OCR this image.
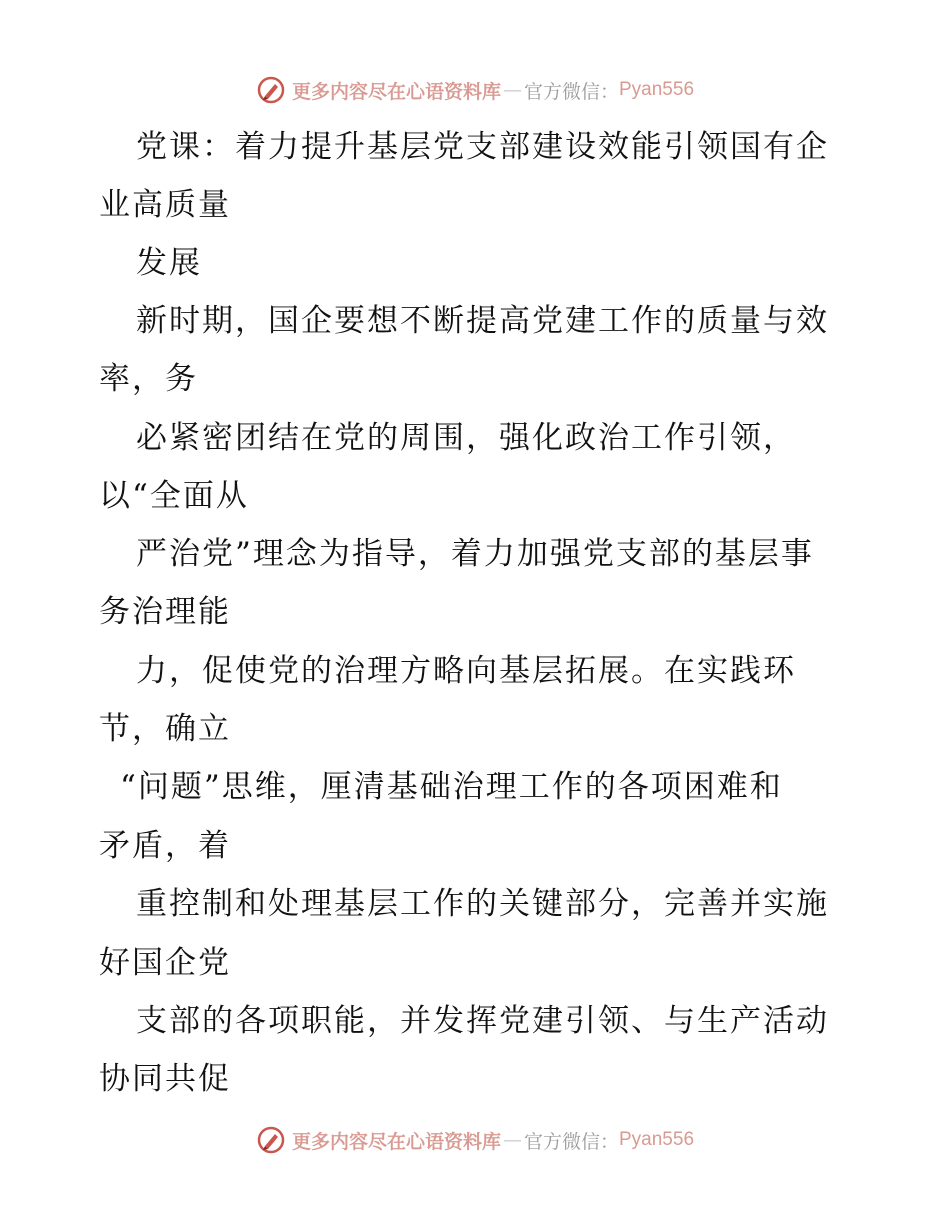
更多内容尽在心语资料库 — 官方微信： Pyan556
党课：着力提升基层党支部建设效能引领国有企
业高质量
发展
新时期，国企要想不断提高党建工作的质量与效
率，务
必紧密团结在党的周围，强化政治工作引领，
以“全面从
严治党”理念为指导，着力加强党支部的基层事
务治理能
力，促使党的治理方略向基层拓展。在实践环
节，确立
“问题”思维，厘清基础治理工作的各项困难和
矛盾，着
重控制和处理基层工作的关键部分，完善并实施
好国企党
支部的各项职能，并发挥党建引领、与生产活动
协同共促
更多内容尽在心语资料库 — 官方微信： Pyan556
